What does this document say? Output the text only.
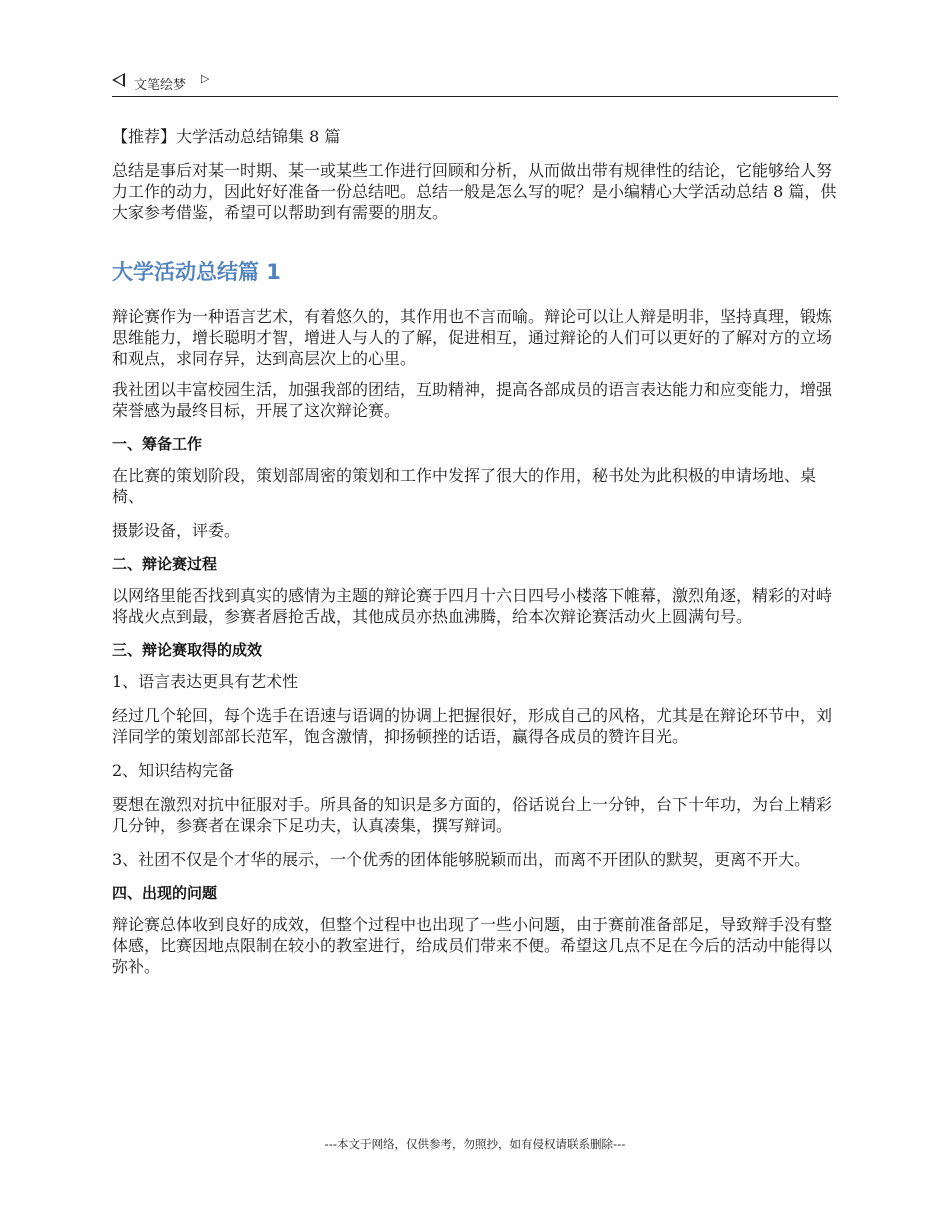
文笔绘梦 ▷

【推荐】大学活动总结锦集 8 篇

总结是事后对某一时期、某一或某些工作进行回顾和分析，从而做出带有规律性的结论，它能够给人努力工作的动力，因此好好准备一份总结吧。总结一般是怎么写的呢？是小编精心大学活动总结 8 篇，供大家参考借鉴，希望可以帮助到有需要的朋友。

大学活动总结篇 1

辩论赛作为一种语言艺术，有着悠久的，其作用也不言而喻。辩论可以让人辩是明非，坚持真理，锻炼思维能力，增长聪明才智，增进人与人的了解，促进相互，通过辩论的人们可以更好的了解对方的立场和观点，求同存异，达到高层次上的心里。

我社团以丰富校园生活，加强我部的团结，互助精神，提高各部成员的语言表达能力和应变能力，增强荣誉感为最终目标，开展了这次辩论赛。

一、筹备工作

在比赛的策划阶段，策划部周密的策划和工作中发挥了很大的作用，秘书处为此积极的申请场地、桌椅、

摄影设备，评委。

二、辩论赛过程

以网络里能否找到真实的感情为主题的辩论赛于四月十六日四号小楼落下帷幕，激烈角逐，精彩的对峙将战火点到最，参赛者唇抢舌战，其他成员亦热血沸腾，给本次辩论赛活动火上圆满句号。

三、辩论赛取得的成效

1、语言表达更具有艺术性

经过几个轮回，每个选手在语速与语调的协调上把握很好，形成自己的风格，尤其是在辩论环节中，刘洋同学的策划部部长范军，饱含激情，抑扬顿挫的话语，赢得各成员的赞许目光。

2、知识结构完备

要想在激烈对抗中征服对手。所具备的知识是多方面的，俗话说台上一分钟，台下十年功，为台上精彩几分钟，参赛者在课余下足功夫，认真凑集，撰写辩词。

3、社团不仅是个才华的展示，一个优秀的团体能够脱颖而出，而离不开团队的默契，更离不开大。

四、出现的问题

辩论赛总体收到良好的成效，但整个过程中也出现了一些小问题，由于赛前准备部足，导致辩手没有整体感，比赛因地点限制在较小的教室进行，给成员们带来不便。希望这几点不足在今后的活动中能得以弥补。

---本文于网络，仅供参考，勿照抄，如有侵权请联系删除---
